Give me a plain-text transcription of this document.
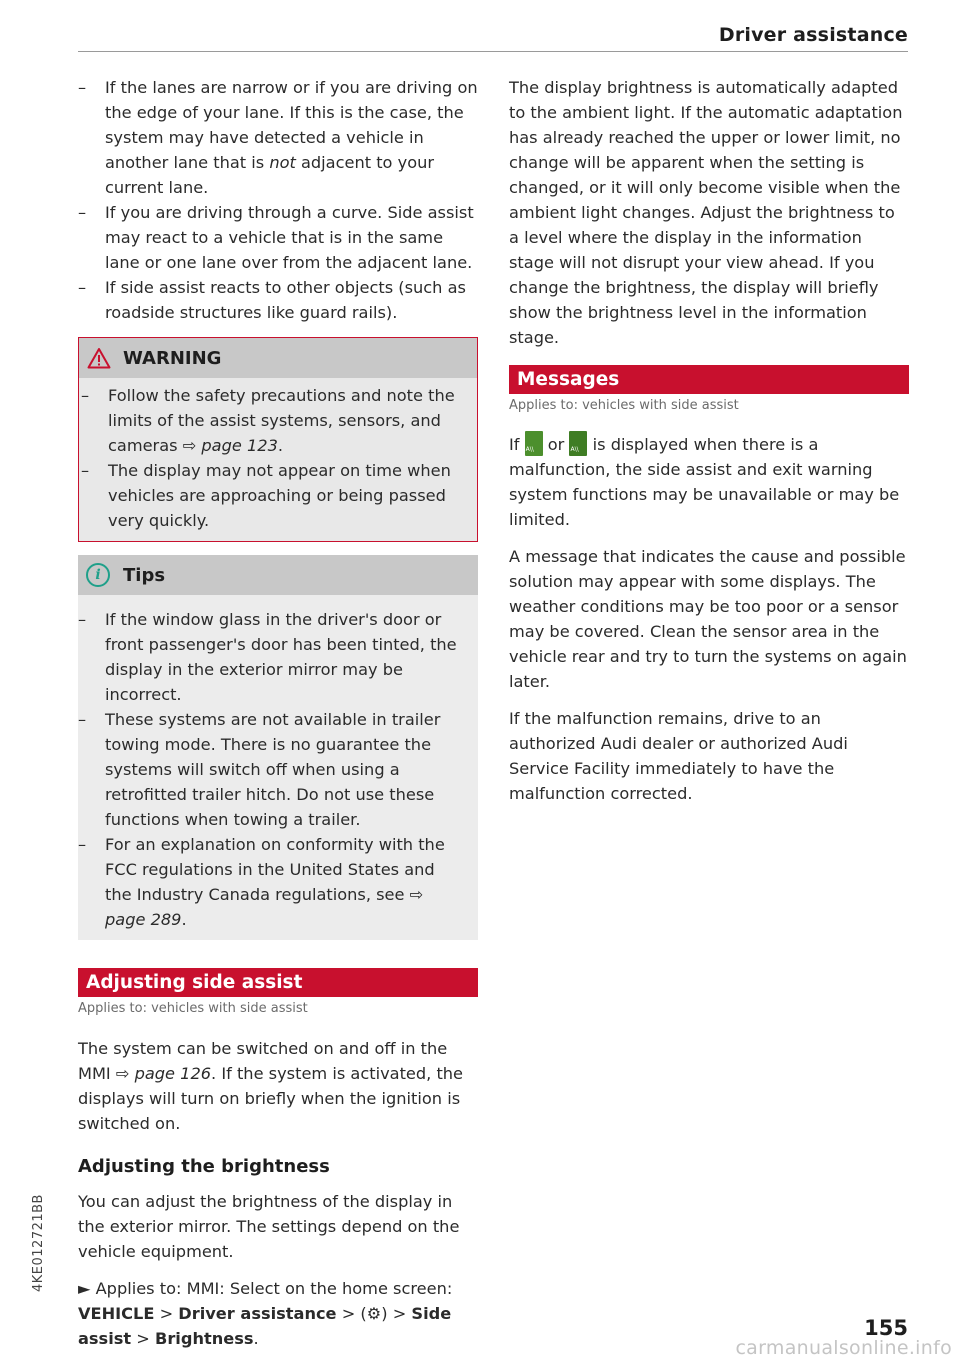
Driver assistance
– If the lanes are narrow or if you are driving on the edge of your lane. If this is the case, the system may have detected a vehicle in another lane that is not adjacent to your current lane.
– If you are driving through a curve. Side assist may react to a vehicle that is in the same lane or one lane over from the adjacent lane.
– If side assist reacts to other objects (such as roadside structures like guard rails).
WARNING
– Follow the safety precautions and note the limits of the assist systems, sensors, and cameras ⇨ page 123.
– The display may not appear on time when vehicles are approaching or being passed very quickly.
i	Tips
– If the window glass in the driver's door or front passenger's door has been tinted, the display in the exterior mirror may be incorrect.
– These systems are not available in trailer towing mode. There is no guarantee the systems will switch off when using a retrofitted trailer hitch. Do not use these functions when towing a trailer.
– For an explanation on conformity with the FCC regulations in the United States and the Industry Canada regulations, see ⇨ page 289.
Adjusting side assist
Applies to: vehicles with side assist

The system can be switched on and off in the MMI ⇨ page 126. If the system is activated, the displays will turn on briefly when the ignition is switched on.

Adjusting the brightness

You can adjust the brightness of the display in the exterior mirror. The settings depend on the vehicle equipment.

► Applies to: MMI: Select on the home screen: VEHICLE > Driver assistance > (⚙) > Side assist > Brightness.

The display brightness is automatically adapted to the ambient light. If the automatic adaptation has already reached the upper or lower limit, no change will be apparent when the setting is changed, or it will only become visible when the ambient light changes. Adjust the brightness to a level where the display in the information stage will not disrupt your view ahead. If you change the brightness, the display will briefly show the brightness level in the information stage.

Messages
Applies to: vehicles with side assist

If A\\ or A\\ is displayed when there is a malfunction, the side assist and exit warning system functions may be unavailable or may be limited.

A message that indicates the cause and possible solution may appear with some displays. The weather conditions may be too poor or a sensor may be covered. Clean the sensor area in the vehicle rear and try to turn the systems on again later.

If the malfunction remains, drive to an authorized Audi dealer or authorized Audi Service Facility immediately to have the malfunction corrected.

4KE012721BB
155
carmanualsonline.info
